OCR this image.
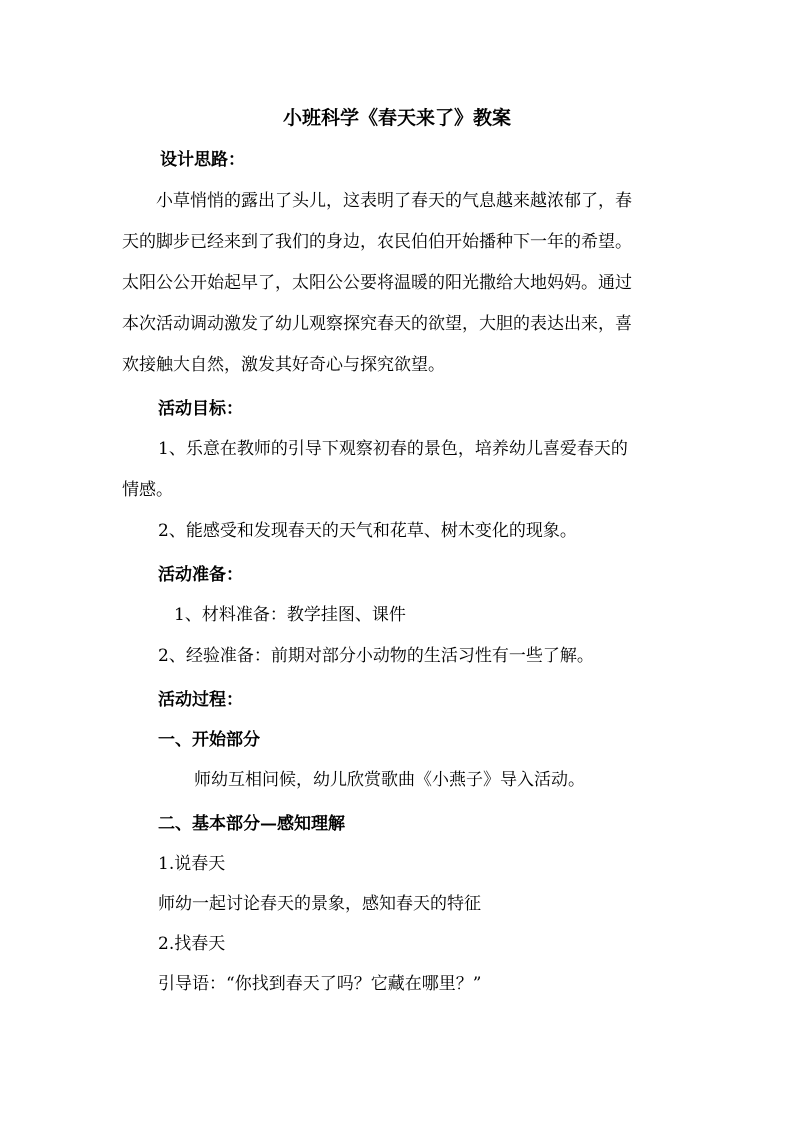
小班科学《春天来了》教案
设计思路：
小草悄悄的露出了头儿，这表明了春天的气息越来越浓郁了，春
天的脚步已经来到了我们的身边，农民伯伯开始播种下一年的希望。
太阳公公开始起早了，太阳公公要将温暖的阳光撒给大地妈妈。通过
本次活动调动激发了幼儿观察探究春天的欲望，大胆的表达出来，喜
欢接触大自然，激发其好奇心与探究欲望。
活动目标：
1、乐意在教师的引导下观察初春的景色，培养幼儿喜爱春天的
情感。
2、能感受和发现春天的天气和花草、树木变化的现象。
活动准备：
1、材料准备：教学挂图、课件
2、经验准备：前期对部分小动物的生活习性有一些了解。
活动过程：
一、开始部分
师幼互相问候，幼儿欣赏歌曲《小燕子》导入活动。
二、基本部分—感知理解
1.说春天
师幼一起讨论春天的景象，感知春天的特征
2.找春天
引导语：“你找到春天了吗？它藏在哪里？”
